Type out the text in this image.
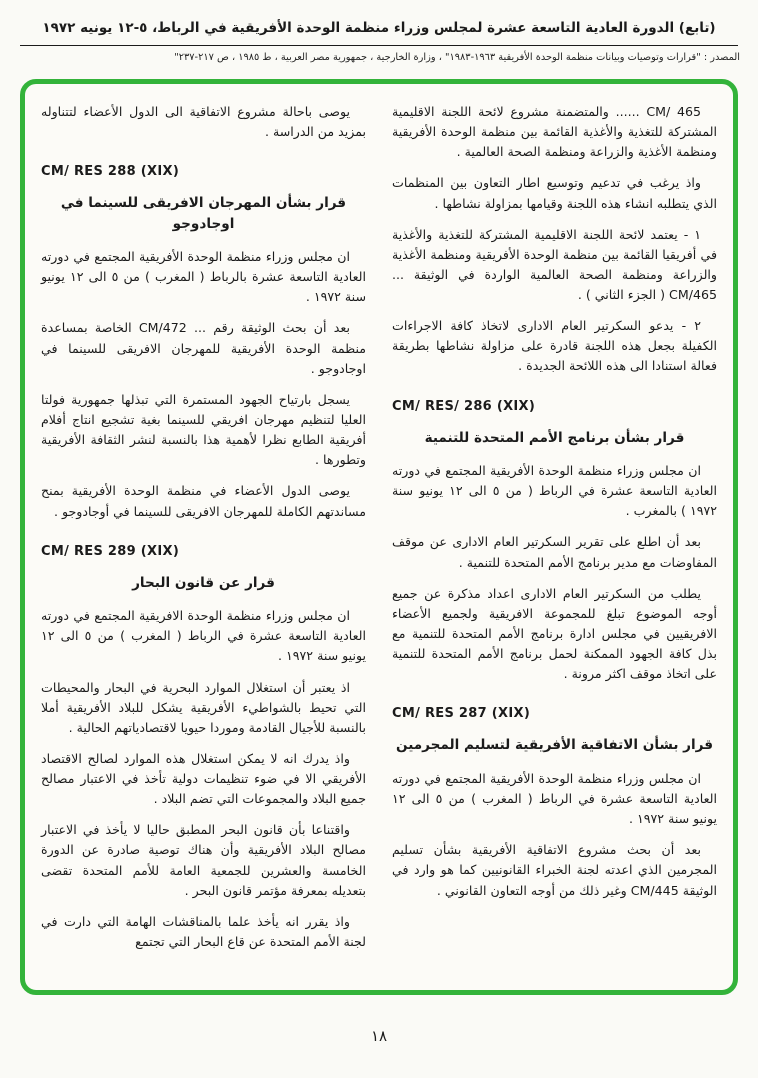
(تابع) الدورة العادية التاسعة عشرة لمجلس وزراء منظمة الوحدة الأفريقية في الرباط، ٥-١٢ يونيه ١٩٧٢
المصدر : "قرارات وتوصيات وبيانات منظمة الوحدة الأفريقية ١٩٦٣-١٩٨٣" ، وزارة الخارجية ، جمهورية مصر العربية ، ط ١٩٨٥ ، ص ٢١٧-٢٣٧"

CM/ 465 ...... والمتضمنة مشروع لائحة اللجنة الاقليمية المشتركة للتغذية والأغذية القائمة بين منظمة الوحدة الأفريقية ومنظمة الأغذية والزراعة ومنظمة الصحة العالمية .

واذ يرغب في تدعيم وتوسيع اطار التعاون بين المنظمات الذي يتطلبه انشاء هذه اللجنة وقيامها بمزاولة نشاطها .

١ - يعتمد لائحة اللجنة الاقليمية المشتركة للتغذية والأغذية في أفريقيا القائمة بين منظمة الوحدة الأفريقية ومنظمة الأغذية والزراعة ومنظمة الصحة العالمية الواردة في الوثيقة ... CM/465 ( الجزء الثاني ) .

٢ - يدعو السكرتير العام الادارى لاتخاذ كافة الاجراءات الكفيلة بجعل هذه اللجنة قادرة على مزاولة نشاطها بطريقة فعالة استنادا الى هذه اللائحة الجديدة .

CM/ RES/ 286 (XIX)
قرار بشأن برنامج الأمم المتحدة للتنمية

ان مجلس وزراء منظمة الوحدة الأفريقية المجتمع في دورته العادية التاسعة عشرة في الرباط ( من ٥ الى ١٢ يونيو سنة ١٩٧٢ ) بالمغرب .

بعد أن اطلع على تقرير السكرتير العام الادارى عن موقف المفاوضات مع مدير برنامج الأمم المتحدة للتنمية .

يطلب من السكرتير العام الادارى اعداد مذكرة عن جميع أوجه الموضوع تبلغ للمجموعة الافريقية ولجميع الأعضاء الافريقيين في مجلس ادارة برنامج الأمم المتحدة للتنمية مع بذل كافة الجهود الممكنة لحمل برنامج الأمم المتحدة للتنمية على اتخاذ موقف اكثر مرونة .

CM/ RES 287 (XIX)
قرار بشأن الاتفاقية الأفريقية لتسليم المجرمين

ان مجلس وزراء منظمة الوحدة الأفريقية المجتمع في دورته العادية التاسعة عشرة في الرباط ( المغرب ) من ٥ الى ١٢ يونيو سنة ١٩٧٢ .

بعد أن بحث مشروع الاتفاقية الأفريقية بشأن تسليم المجرمين الذي اعدته لجنة الخبراء القانونيين كما هو وارد في الوثيقة CM/445 وغير ذلك من أوجه التعاون القانوني .

يوصى باحالة مشروع الاتفاقية الى الدول الأعضاء لتتناوله بمزيد من الدراسة .

CM/ RES 288 (XIX)
قرار بشأن المهرجان الافريقى للسينما في اوجادوجو

ان مجلس وزراء منظمة الوحدة الأفريقية المجتمع في دورته العادية التاسعة عشرة بالرباط ( المغرب ) من ٥ الى ١٢ يونيو سنة ١٩٧٢ .

بعد أن بحث الوثيقة رقم ... CM/472 الخاصة بمساعدة منظمة الوحدة الأفريقية للمهرجان الافريقى للسينما في اوجادوجو .

يسجل بارتياح الجهود المستمرة التي تبذلها جمهورية فولتا العليا لتنظيم مهرجان افريقي للسينما بغية تشجيع انتاج أفلام أفريقية الطابع نظرا لأهمية هذا بالنسبة لنشر الثقافة الأفريقية وتطورها .

يوصى الدول الأعضاء في منظمة الوحدة الأفريقية بمنح مساندتهم الكاملة للمهرجان الافريقى للسينما في أوجادوجو .

CM/ RES 289 (XIX)
قرار عن قانون البحار

ان مجلس وزراء منظمة الوحدة الافريقية المجتمع في دورته العادية التاسعة عشرة في الرباط ( المغرب ) من ٥ الى ١٢ يونيو سنة ١٩٧٢ .

اذ يعتبر أن استغلال الموارد البحرية في البحار والمحيطات التي تحيط بالشواطيء الأفريقية يشكل للبلاد الأفريقية أملا بالنسبة للأجيال القادمة وموردا حيويا لاقتصادياتهم الحالية .

واذ يدرك انه لا يمكن استغلال هذه الموارد لصالح الاقتصاد الأفريقي الا في ضوء تنظيمات دولية تأخذ في الاعتبار مصالح جميع البلاد والمجموعات التي تضم البلاد .

واقتناعا بأن قانون البحر المطبق حاليا لا يأخذ في الاعتبار مصالح البلاد الأفريقية وأن هناك توصية صادرة عن الدورة الخامسة والعشرين للجمعية العامة للأمم المتحدة تقضى بتعديله بمعرفة مؤتمر قانون البحر .

واذ يقرر انه يأخذ علما بالمناقشات الهامة التي دارت في لجنة الأمم المتحدة عن قاع البحار التي تجتمع

١٨
